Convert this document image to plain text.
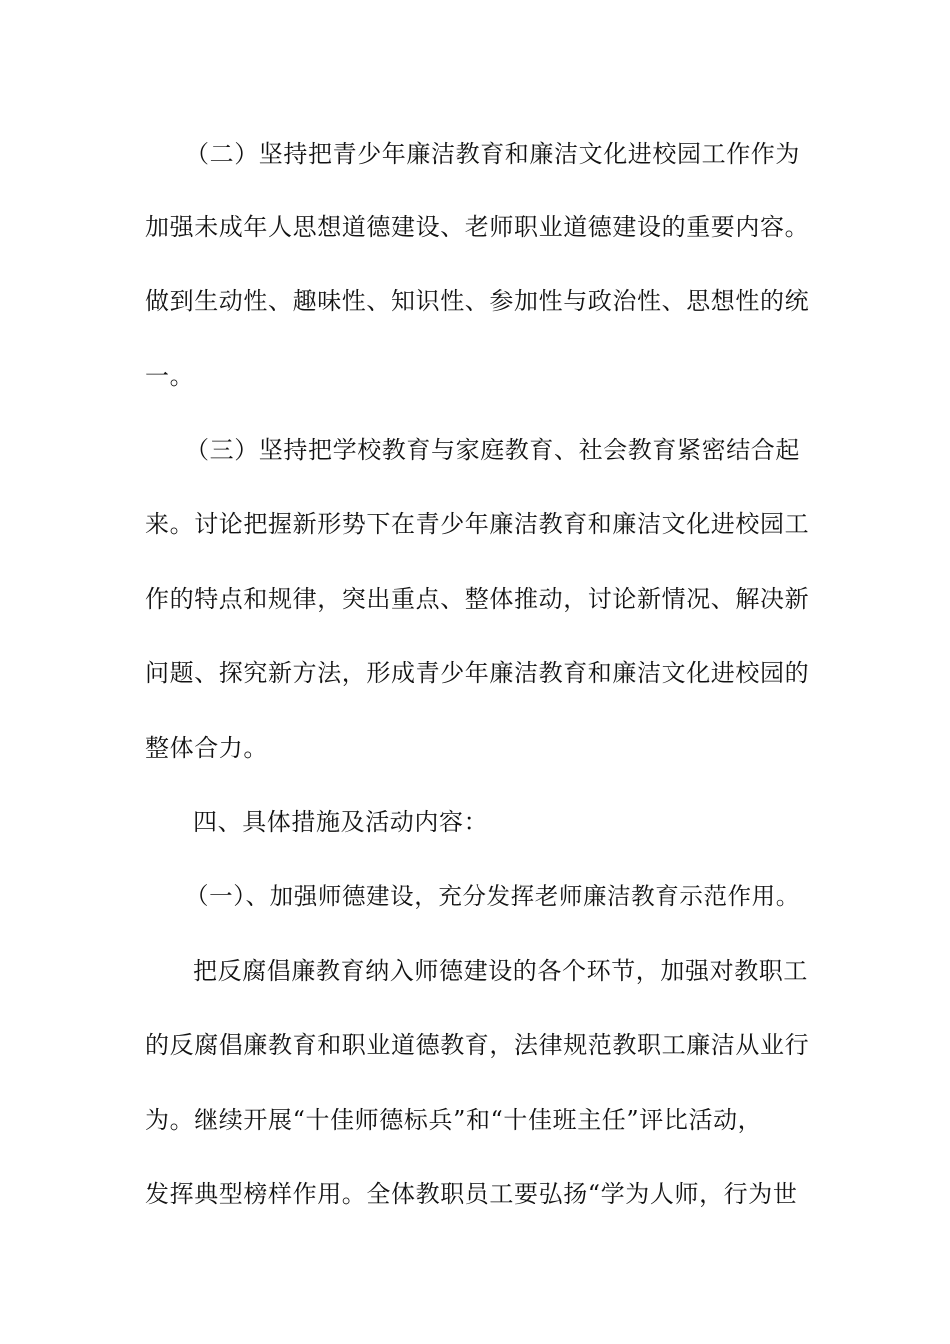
（二）坚持把青少年廉洁教育和廉洁文化进校园工作作为
加强未成年人思想道德建设、老师职业道德建设的重要内容。
做到生动性、趣味性、知识性、参加性与政治性、思想性的统
一。
（三）坚持把学校教育与家庭教育、社会教育紧密结合起
来。讨论把握新形势下在青少年廉洁教育和廉洁文化进校园工
作的特点和规律，突出重点、整体推动，讨论新情况、解决新
问题、探究新方法，形成青少年廉洁教育和廉洁文化进校园的
整体合力。
四、具体措施及活动内容：
（一）、加强师德建设，充分发挥老师廉洁教育示范作用。
把反腐倡廉教育纳入师德建设的各个环节，加强对教职工
的反腐倡廉教育和职业道德教育，法律规范教职工廉洁从业行
为。继续开展“十佳师德标兵”和“十佳班主任”评比活动，
发挥典型榜样作用。全体教职员工要弘扬“学为人师，行为世
